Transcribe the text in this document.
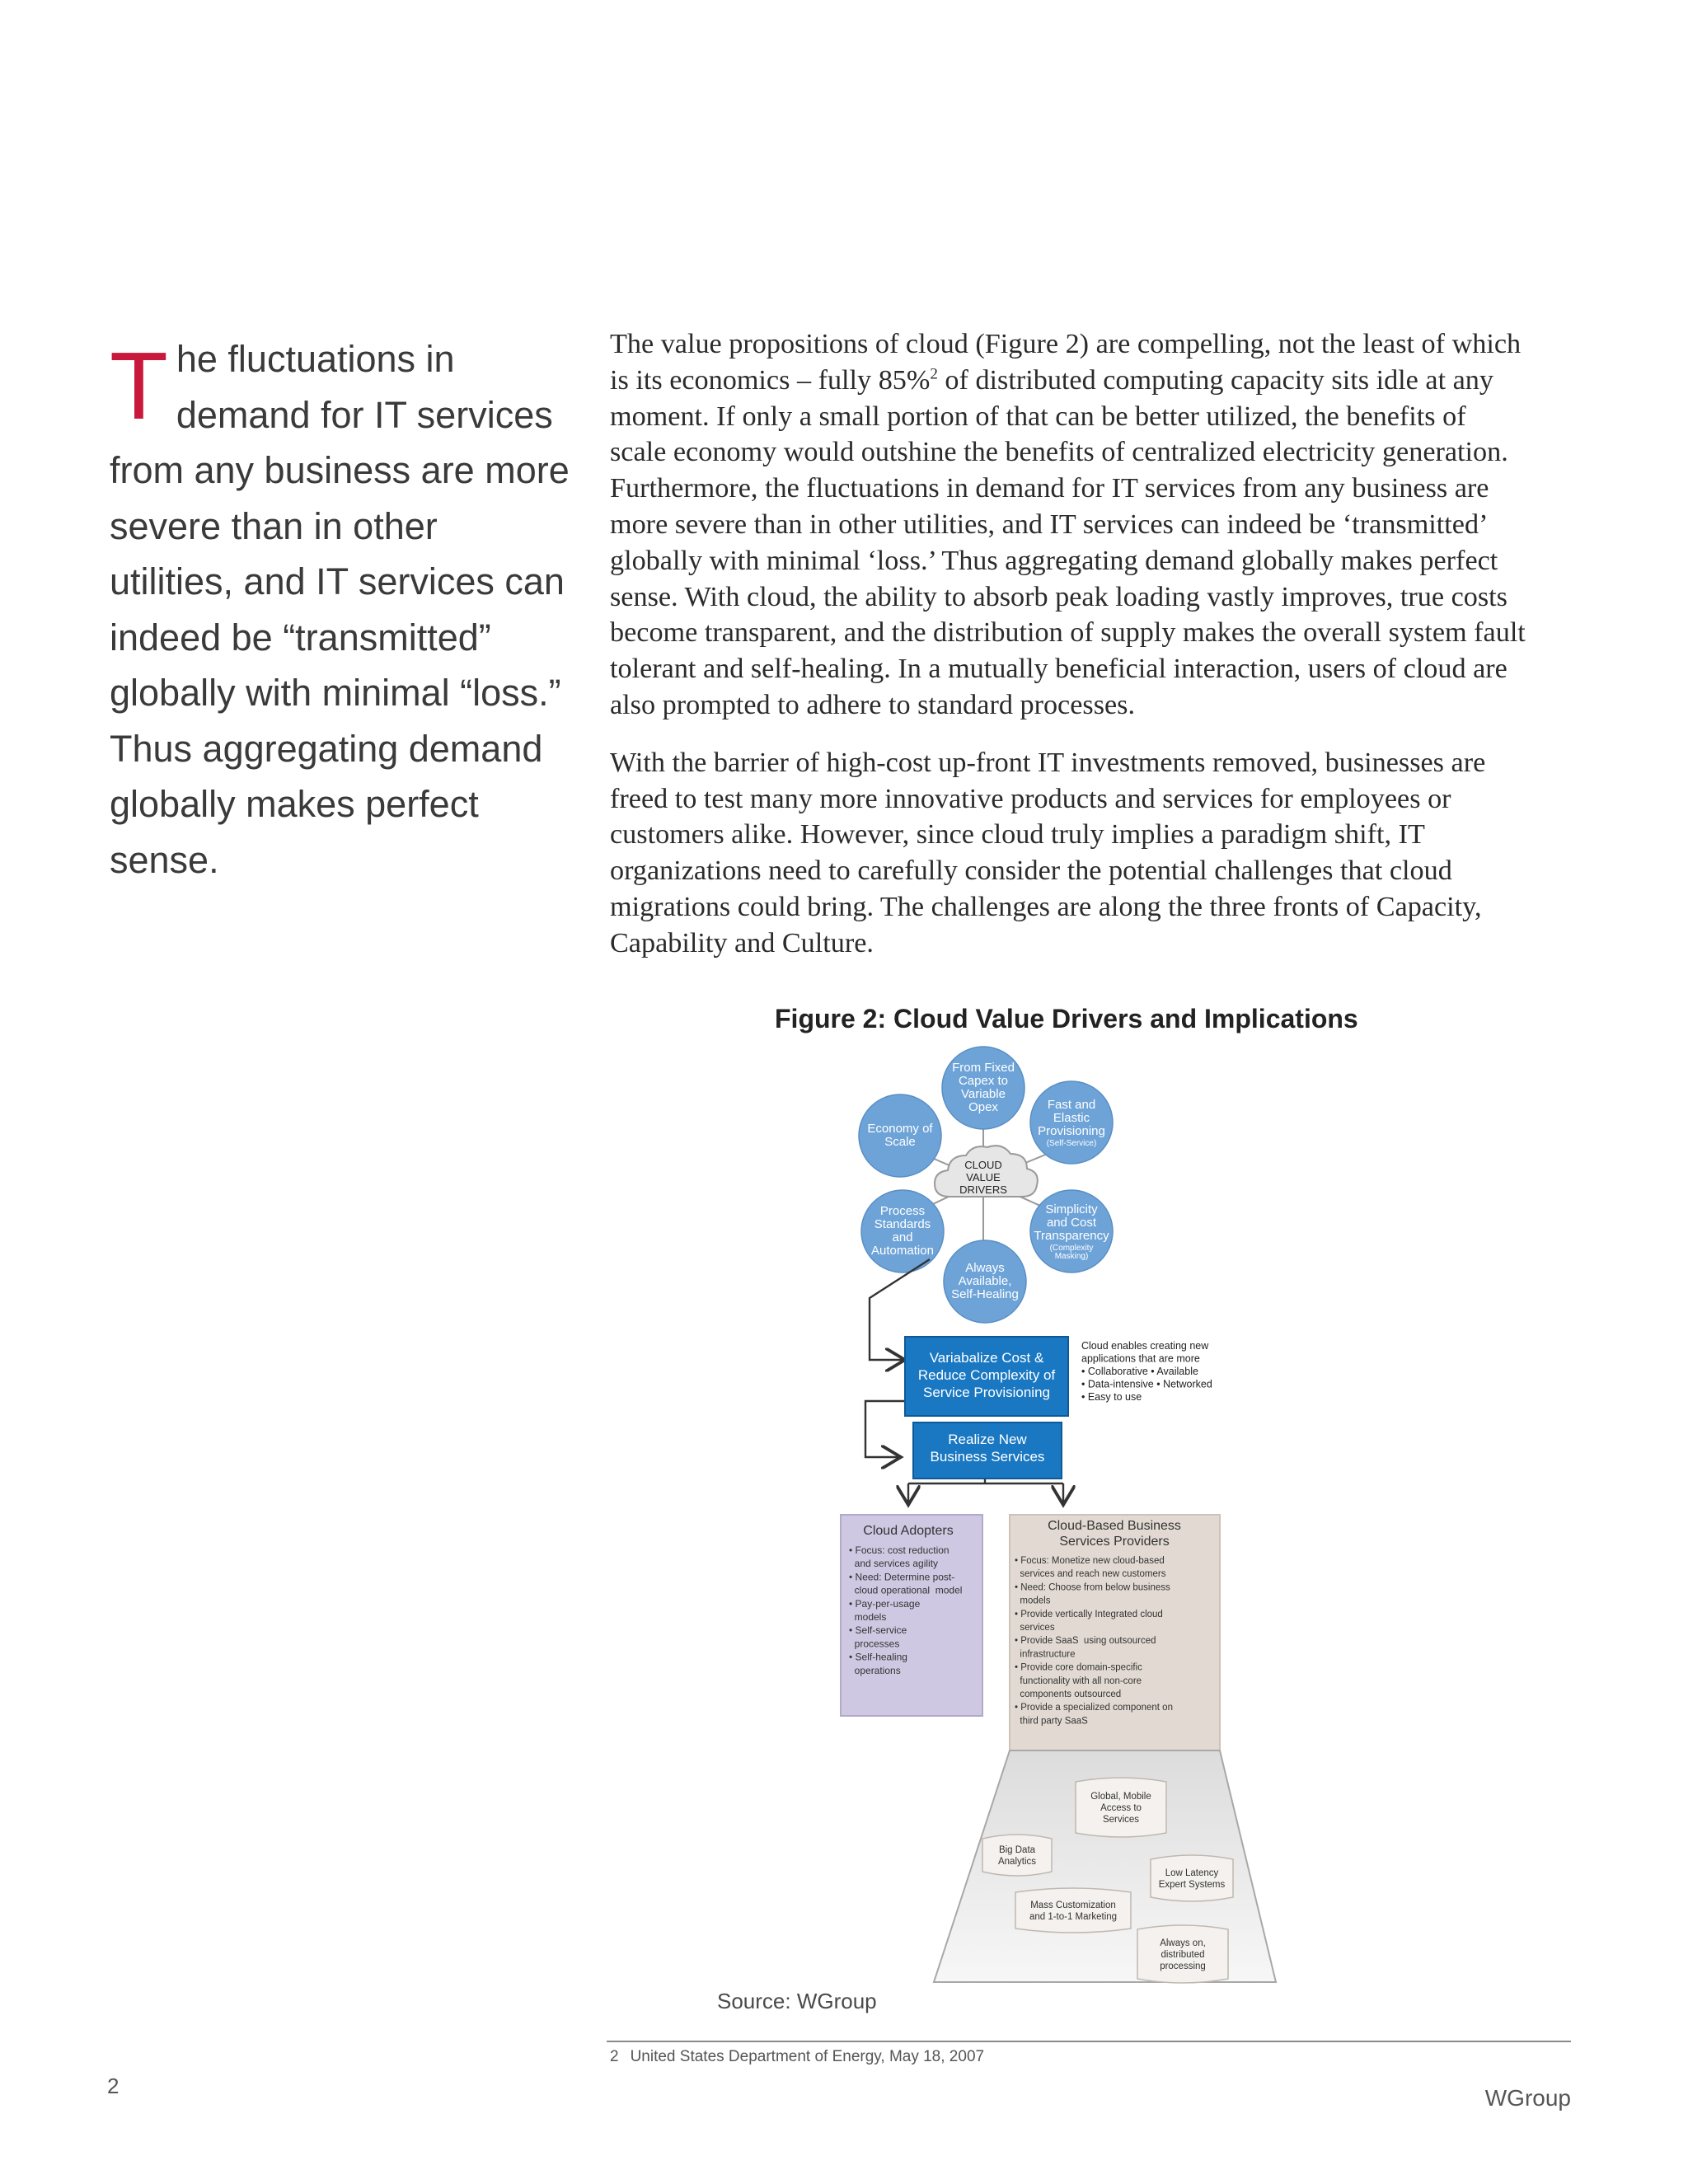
The fluctuations in demand for IT services from any business are more severe than in other utilities, and IT services can indeed be “transmitted” globally with minimal “loss.” Thus aggregating demand globally makes perfect sense.

The value propositions of cloud (Figure 2) are compelling, not the least of which is its economics – fully 85%$^2$ of distributed computing capacity sits idle at any moment. If only a small portion of that can be better utilized, the benefits of scale economy would outshine the benefits of centralized electricity generation. Furthermore, the fluctuations in demand for IT services from any business are more severe than in other utilities, and IT services can indeed be ‘transmitted’ globally with minimal ‘loss.’ Thus aggregating demand globally makes perfect sense. With cloud, the ability to absorb peak loading vastly improves, true costs become transparent, and the distribution of supply makes the overall system fault tolerant and self-healing. In a mutually beneficial interaction, users of cloud are also prompted to adhere to standard processes.

With the barrier of high-cost up-front IT investments removed, businesses are freed to test many more innovative products and services for employees or customers alike. However, since cloud truly implies a paradigm shift, IT organizations need to carefully consider the potential challenges that cloud migrations could bring. The challenges are along the three fronts of Capacity, Capability and Culture.

Figure 2: Cloud Value Drivers and Implications
From Fixed Capex to Variable Opex	Fast and Elastic Provisioning
(Self-Service)
Simplicity and Cost Transparency
(Complexity Masking)
Always Available, Self-Healing
Process Standards and Automation
Economy of Scale
CLOUD VALUE DRIVERS
Variabalize Cost & Reduce Complexity of Service Provisioning
Cloud enables creating new applications that are more • Collaborative • Available • Data-intensive • Networked • Easy to use
Realize New Business Services
Cloud Adopters
• Focus: cost reduction  and services agility • Need: Determine post-  cloud operational  model • Pay-per-usage  models • Self-service  processes • Self-healing  operations
Cloud-Based Business Services Providers
• Focus: Monetize new cloud-based  services and reach new customers • Need: Choose from below business  models • Provide vertically Integrated cloud  services • Provide SaaS  using outsourced  infrastructure • Provide core domain-specific  functionality with all non-core  components outsourced • Provide a specialized component on  third party SaaS
Global, Mobile Access to Services
Big Data Analytics
Low Latency Expert Systems
Mass Customization and 1-to-1 Marketing
Always on, distributed processing
Source: WGroup
2 United States Department of Energy, May 18, 2007
2	WGroup
